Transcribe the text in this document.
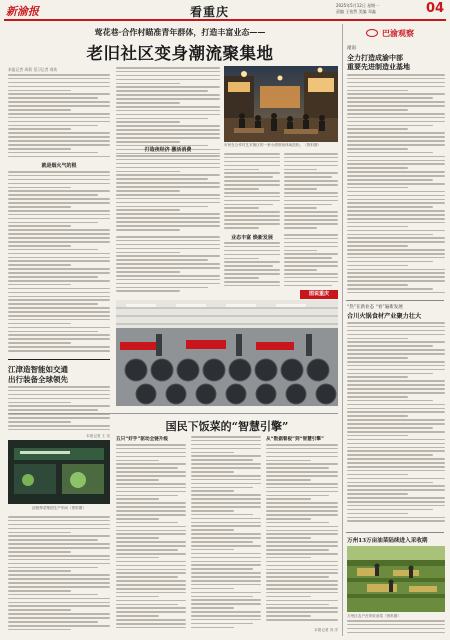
新渝报	看重庆	2025年5月12日 星期一
责编 王怡然 美编 邓鑫	04
莺花巷·合作村瞄准青年群体，打造丰富业态——
老旧社区变身潮流聚集地
本报记者 周莉 见习记者 周欢
就是烟火气的根
打造夜经济 激活消费
市民在合作村艺术街区的一家小酒馆前休闲放松。（资料图）
业态丰富 焕新发展
图说重庆
江津造智能如交通
出行装备全球领先
本报记者 王 吴
国民下饭菜的“智慧引擎”
涪陵榨菜集团生产车间（资料图）
五只“好手”驱动全链升级	从“数据看板”到“智慧引擎”
本报记者 刘 洋
巴渝观察
潼南
全力打造成渝中部
重要先进制造业基地
“热”在新业态 “看”遍新发展
合川火锅食材产业聚力壮大
万州13万亩油菜陆续进入采收期
万州区农户在采收油菜（资料图）
